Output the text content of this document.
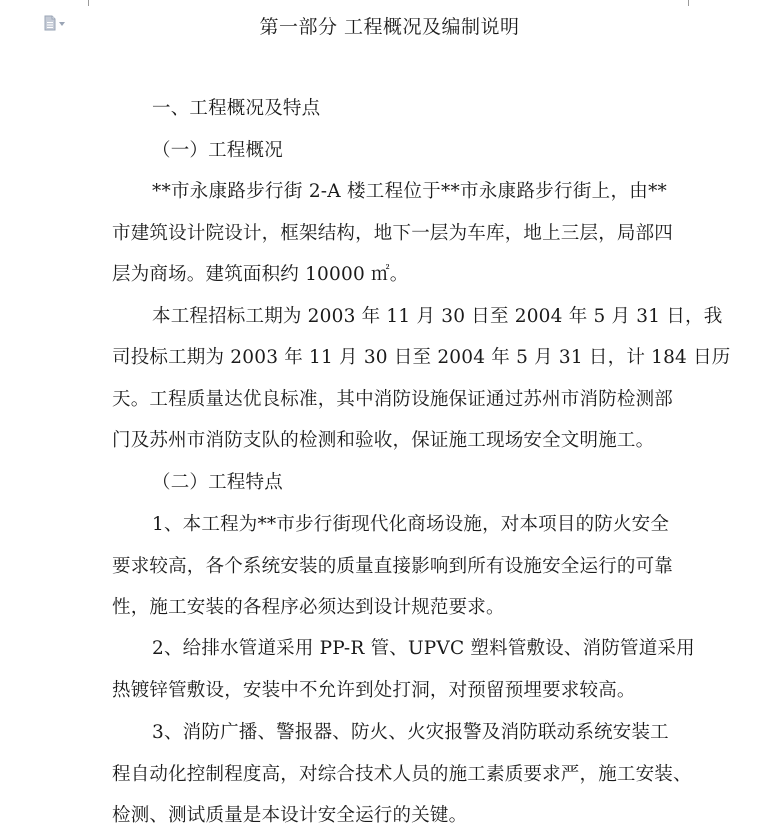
第一部分 工程概况及编制说明
一、工程概况及特点
（一）工程概况
**市永康路步行街 2-A 楼工程位于**市永康路步行街上，由**
市建筑设计院设计，框架结构，地下一层为车库，地上三层，局部四
层为商场。建筑面积约 10000 ㎡。
本工程招标工期为 2003 年 11 月 30 日至 2004 年 5 月 31 日，我
司投标工期为 2003 年 11 月 30 日至 2004 年 5 月 31 日，计 184 日历
天。工程质量达优良标准，其中消防设施保证通过苏州市消防检测部
门及苏州市消防支队的检测和验收，保证施工现场安全文明施工。
（二）工程特点
1、本工程为**市步行街现代化商场设施，对本项目的防火安全
要求较高，各个系统安装的质量直接影响到所有设施安全运行的可靠
性，施工安装的各程序必须达到设计规范要求。
2、给排水管道采用 PP-R 管、UPVC 塑料管敷设、消防管道采用
热镀锌管敷设，安装中不允许到处打洞，对预留预埋要求较高。
3、消防广播、警报器、防火、火灾报警及消防联动系统安装工
程自动化控制程度高，对综合技术人员的施工素质要求严，施工安装、
检测、测试质量是本设计安全运行的关键。
